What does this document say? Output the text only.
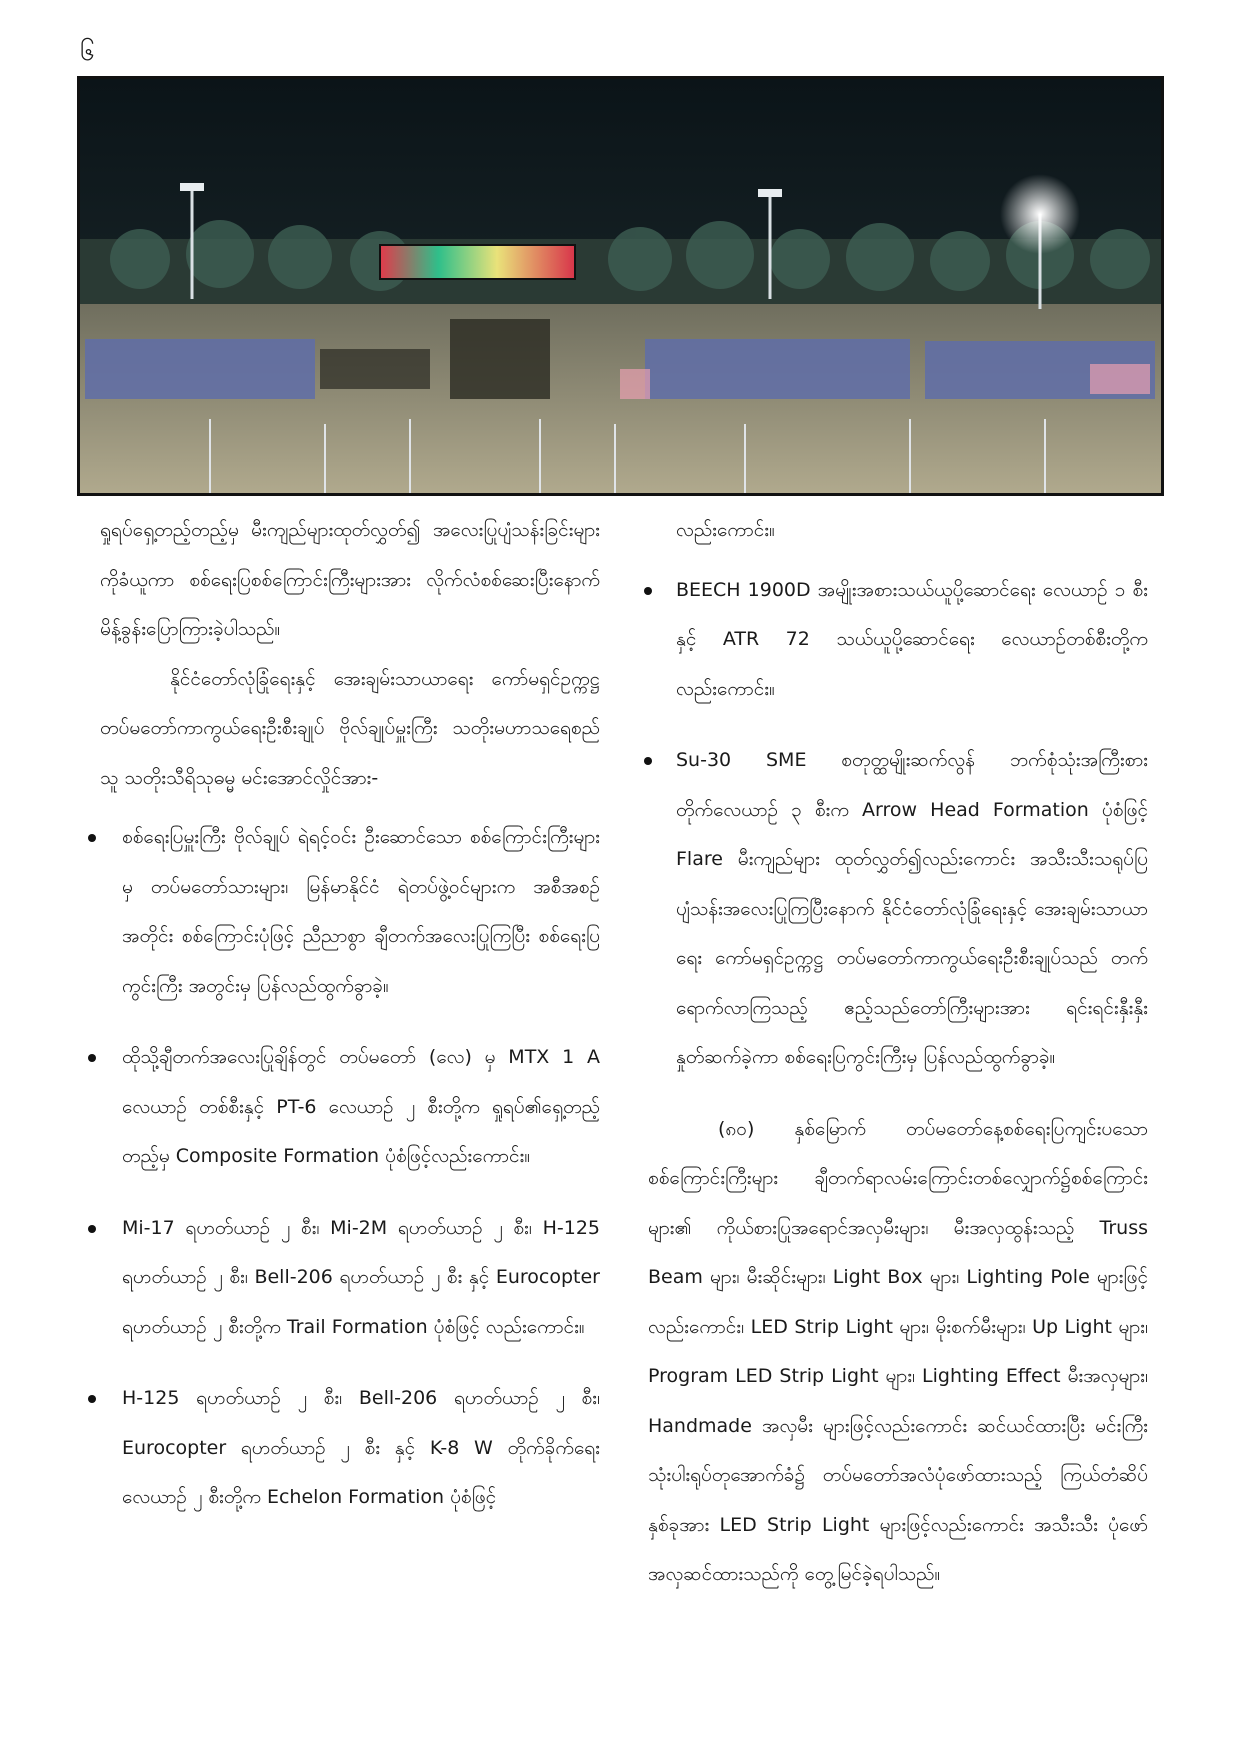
၆

ရှုရပ်ရှေ့တည့်တည့်မှ မီးကျည်များထုတ်လွှတ်၍ အလေးပြုပျံသန်းခြင်းများကိုခံယူကာ စစ်ရေးပြစစ်ကြောင်းကြီးများအား လိုက်လံစစ်ဆေးပြီးနောက် မိန့်ခွန်းပြောကြားခဲ့ပါသည်။

နိုင်ငံတော်လုံခြုံရေးနှင့် အေးချမ်းသာယာရေး ကော်မရှင်ဥက္ကဋ္ဌ တပ်မတော်ကာကွယ်ရေးဦးစီးချုပ် ဗိုလ်ချုပ်မှူးကြီး သတိုးမဟာသရေစည်သူ သတိုးသီရိသုဓမ္မ မင်းအောင်လှိုင်အား-

စစ်ရေးပြမှူးကြီး ဗိုလ်ချုပ် ရဲရင့်ဝင်း ဦးဆောင်သော စစ်ကြောင်းကြီးများမှ တပ်မတော်သားများ၊ မြန်မာနိုင်ငံ ရဲတပ်ဖွဲ့ဝင်များက အစီအစဉ်အတိုင်း စစ်ကြောင်းပုံဖြင့် ညီညာစွာ ချီတက်အလေးပြုကြပြီး စစ်ရေးပြကွင်းကြီး အတွင်းမှ ပြန်လည်ထွက်ခွာခဲ့။
ထိုသို့ချီတက်အလေးပြုချိန်တွင် တပ်မတော် (လေ) မှ MTX 1 A လေယာဉ် တစ်စီးနှင့် PT-6 လေယာဉ် ၂ စီးတို့က ရှုရပ်၏ရှေ့တည့်တည့်မှ Composite Formation ပုံစံဖြင့်လည်းကောင်း။
Mi-17 ရဟတ်ယာဉ် ၂ စီး၊ Mi-2M ရဟတ်ယာဉ် ၂ စီး၊ H-125 ရဟတ်ယာဉ် ၂ စီး၊ Bell-206 ရဟတ်ယာဉ် ၂ စီး နှင့် Eurocopter ရဟတ်ယာဉ် ၂ စီးတို့က Trail Formation ပုံစံဖြင့် လည်းကောင်း။
H-125 ရဟတ်ယာဉ် ၂ စီး၊ Bell-206 ရဟတ်ယာဉ် ၂ စီး၊ Eurocopter ရဟတ်ယာဉ် ၂ စီး နှင့် K-8 W တိုက်ခိုက်ရေး လေယာဉ် ၂ စီးတို့က Echelon Formation ပုံစံဖြင့်

လည်းကောင်း။

BEECH 1900D အမျိုးအစားသယ်ယူပို့ဆောင်ရေး လေယာဉ် ၁ စီးနှင့် ATR 72 သယ်ယူပို့ဆောင်ရေး လေယာဉ်တစ်စီးတို့က လည်းကောင်း။
Su-30 SME စတုတ္ထမျိုးဆက်လွန် ဘက်စုံသုံးအကြီးစား တိုက်လေယာဉ် ၃ စီးက Arrow Head Formation ပုံစံဖြင့် Flare မီးကျည်များ ထုတ်လွှတ်၍လည်းကောင်း အသီးသီးသရုပ်ပြပျံသန်းအလေးပြုကြပြီးနောက် နိုင်ငံတော်လုံခြုံရေးနှင့် အေးချမ်းသာယာရေး ကော်မရှင်ဥက္ကဋ္ဌ တပ်မတော်ကာကွယ်ရေးဦးစီးချုပ်သည် တက်ရောက်လာကြသည့် ဧည့်သည်တော်ကြီးများအား ရင်းရင်းနှီးနှီး နှုတ်ဆက်ခဲ့ကာ စစ်ရေးပြကွင်းကြီးမှ ပြန်လည်ထွက်ခွာခဲ့။

(၈၀) နှစ်မြောက် တပ်မတော်နေ့စစ်ရေးပြကျင်းပသော စစ်ကြောင်းကြီးများ ချီတက်ရာလမ်းကြောင်းတစ်လျှောက်၌စစ်ကြောင်းများ၏ ကိုယ်စားပြုအရောင်အလှမီးများ၊ မီးအလှထွန်းသည့် Truss Beam များ၊ မီးဆိုင်းများ၊ Light Box များ၊ Lighting Pole များဖြင့်လည်းကောင်း၊ LED Strip Light များ၊ မိုးစက်မီးများ၊ Up Light များ၊ Program LED Strip Light များ၊ Lighting Effect မီးအလှများ၊ Handmade အလှမီး များဖြင့်လည်းကောင်း ဆင်ယင်ထားပြီး မင်းကြီးသုံးပါးရုပ်တုအောက်ခံ၌ တပ်မတော်အလံပုံဖော်ထားသည့် ကြယ်တံဆိပ် နှစ်ခုအား LED Strip Light များဖြင့်လည်းကောင်း အသီးသီး ပုံဖော်အလှဆင်ထားသည်ကို တွေ့မြင်ခဲ့ရပါသည်။
